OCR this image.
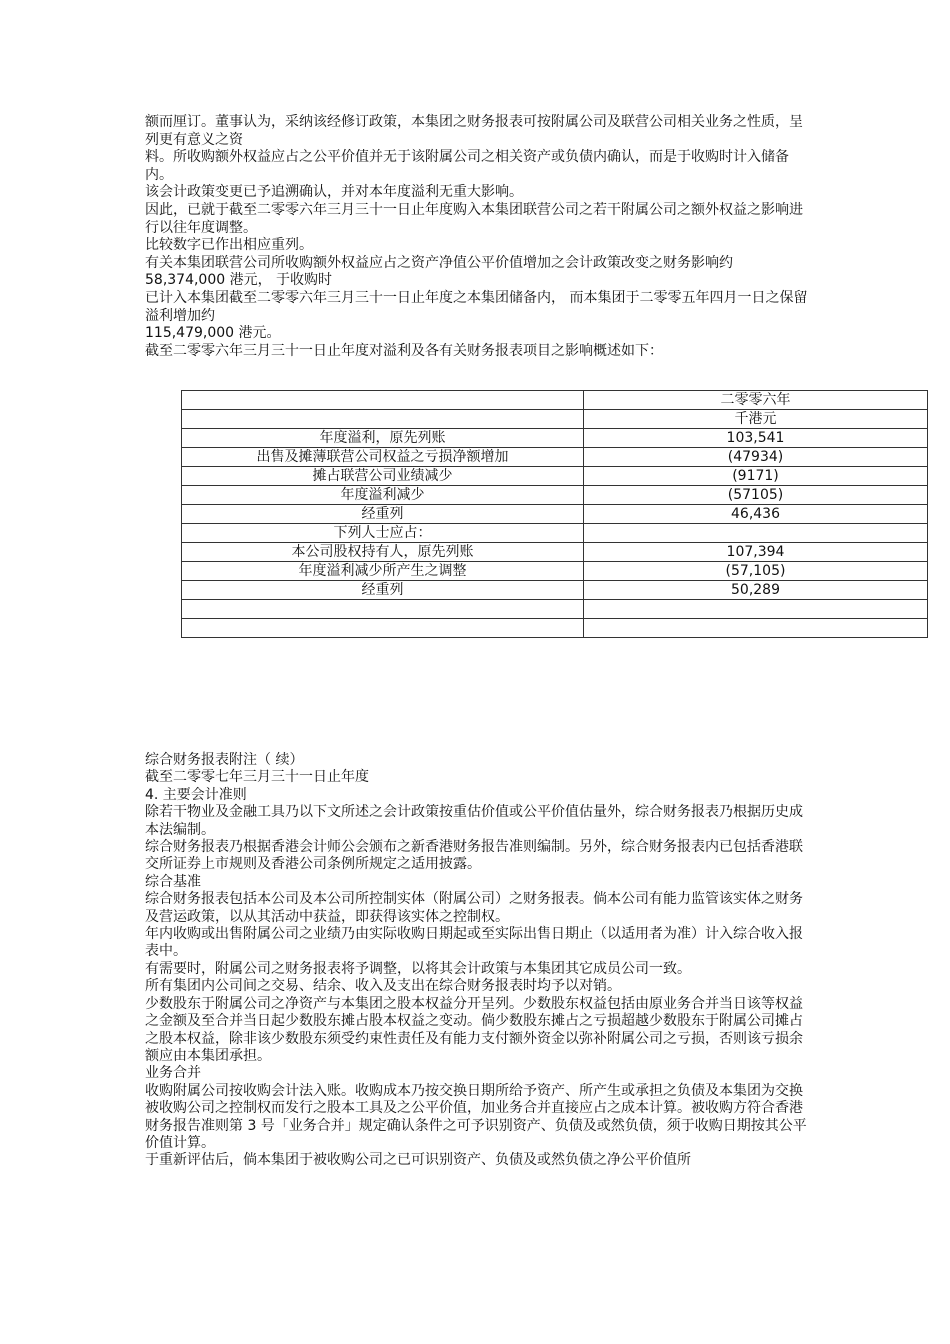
额而厘订。董事认为，采纳该经修订政策，本集团之财务报表可按附属公司及联营公司相关业务之性质，呈列更有意义之资

料。所收购额外权益应占之公平价值并无于该附属公司之相关资产或负债内确认，而是于收购时计入储备内。

该会计政策变更已予追溯确认，并对本年度溢利无重大影响。

因此，已就于截至二零零六年三月三十一日止年度购入本集团联营公司之若干附属公司之额外权益之影响进行以往年度调整。

比较数字已作出相应重列。

有关本集团联营公司所收购额外权益应占之资产净值公平价值增加之会计政策改变之财务影响约 58,374,000 港元， 于收购时

已计入本集团截至二零零六年三月三十一日止年度之本集团储备内， 而本集团于二零零五年四月一日之保留溢利增加约

115,479,000 港元。

截至二零零六年三月三十一日止年度对溢利及各有关财务报表项目之影响概述如下：

	二零零六年
	千港元
年度溢利，原先列账	103,541
出售及摊薄联营公司权益之亏损净额增加	(47934)
摊占联营公司业绩减少	(9171)
年度溢利减少	(57105)
经重列	46,436
下列人士应占：	
本公司股权持有人，原先列账	107,394
年度溢利减少所产生之调整	(57,105)
经重列	50,289

综合财务报表附注（ 续）

截至二零零七年三月三十一日止年度

4. 主要会计准则

除若干物业及金融工具乃以下文所述之会计政策按重估价值或公平价值估量外，综合财务报表乃根据历史成本法编制。

综合财务报表乃根据香港会计师公会颁布之新香港财务报告准则编制。另外，综合财务报表内已包括香港联交所证券上市规则及香港公司条例所规定之适用披露。

综合基准

综合财务报表包括本公司及本公司所控制实体（附属公司）之财务报表。倘本公司有能力监管该实体之财务及营运政策，以从其活动中获益，即获得该实体之控制权。

年内收购或出售附属公司之业绩乃由实际收购日期起或至实际出售日期止（以适用者为准）计入综合收入报表中。

有需要时，附属公司之财务报表将予调整，以将其会计政策与本集团其它成员公司一致。

所有集团内公司间之交易、结余、收入及支出在综合财务报表时均予以对销。

少数股东于附属公司之净资产与本集团之股本权益分开呈列。少数股东权益包括由原业务合并当日该等权益之金额及至合并当日起少数股东摊占股本权益之变动。倘少数股东摊占之亏损超越少数股东于附属公司摊占之股本权益，除非该少数股东须受约束性责任及有能力支付额外资金以弥补附属公司之亏损，否则该亏损余额应由本集团承担。

业务合并

收购附属公司按收购会计法入账。收购成本乃按交换日期所给予资产、所产生或承担之负债及本集团为交换被收购公司之控制权而发行之股本工具及之公平价值，加业务合并直接应占之成本计算。被收购方符合香港财务报告准则第 3 号「业务合并」规定确认条件之可予识别资产、负债及或然负债，须于收购日期按其公平价值计算。

于重新评估后，倘本集团于被收购公司之已可识别资产、负债及或然负债之净公平价值所
